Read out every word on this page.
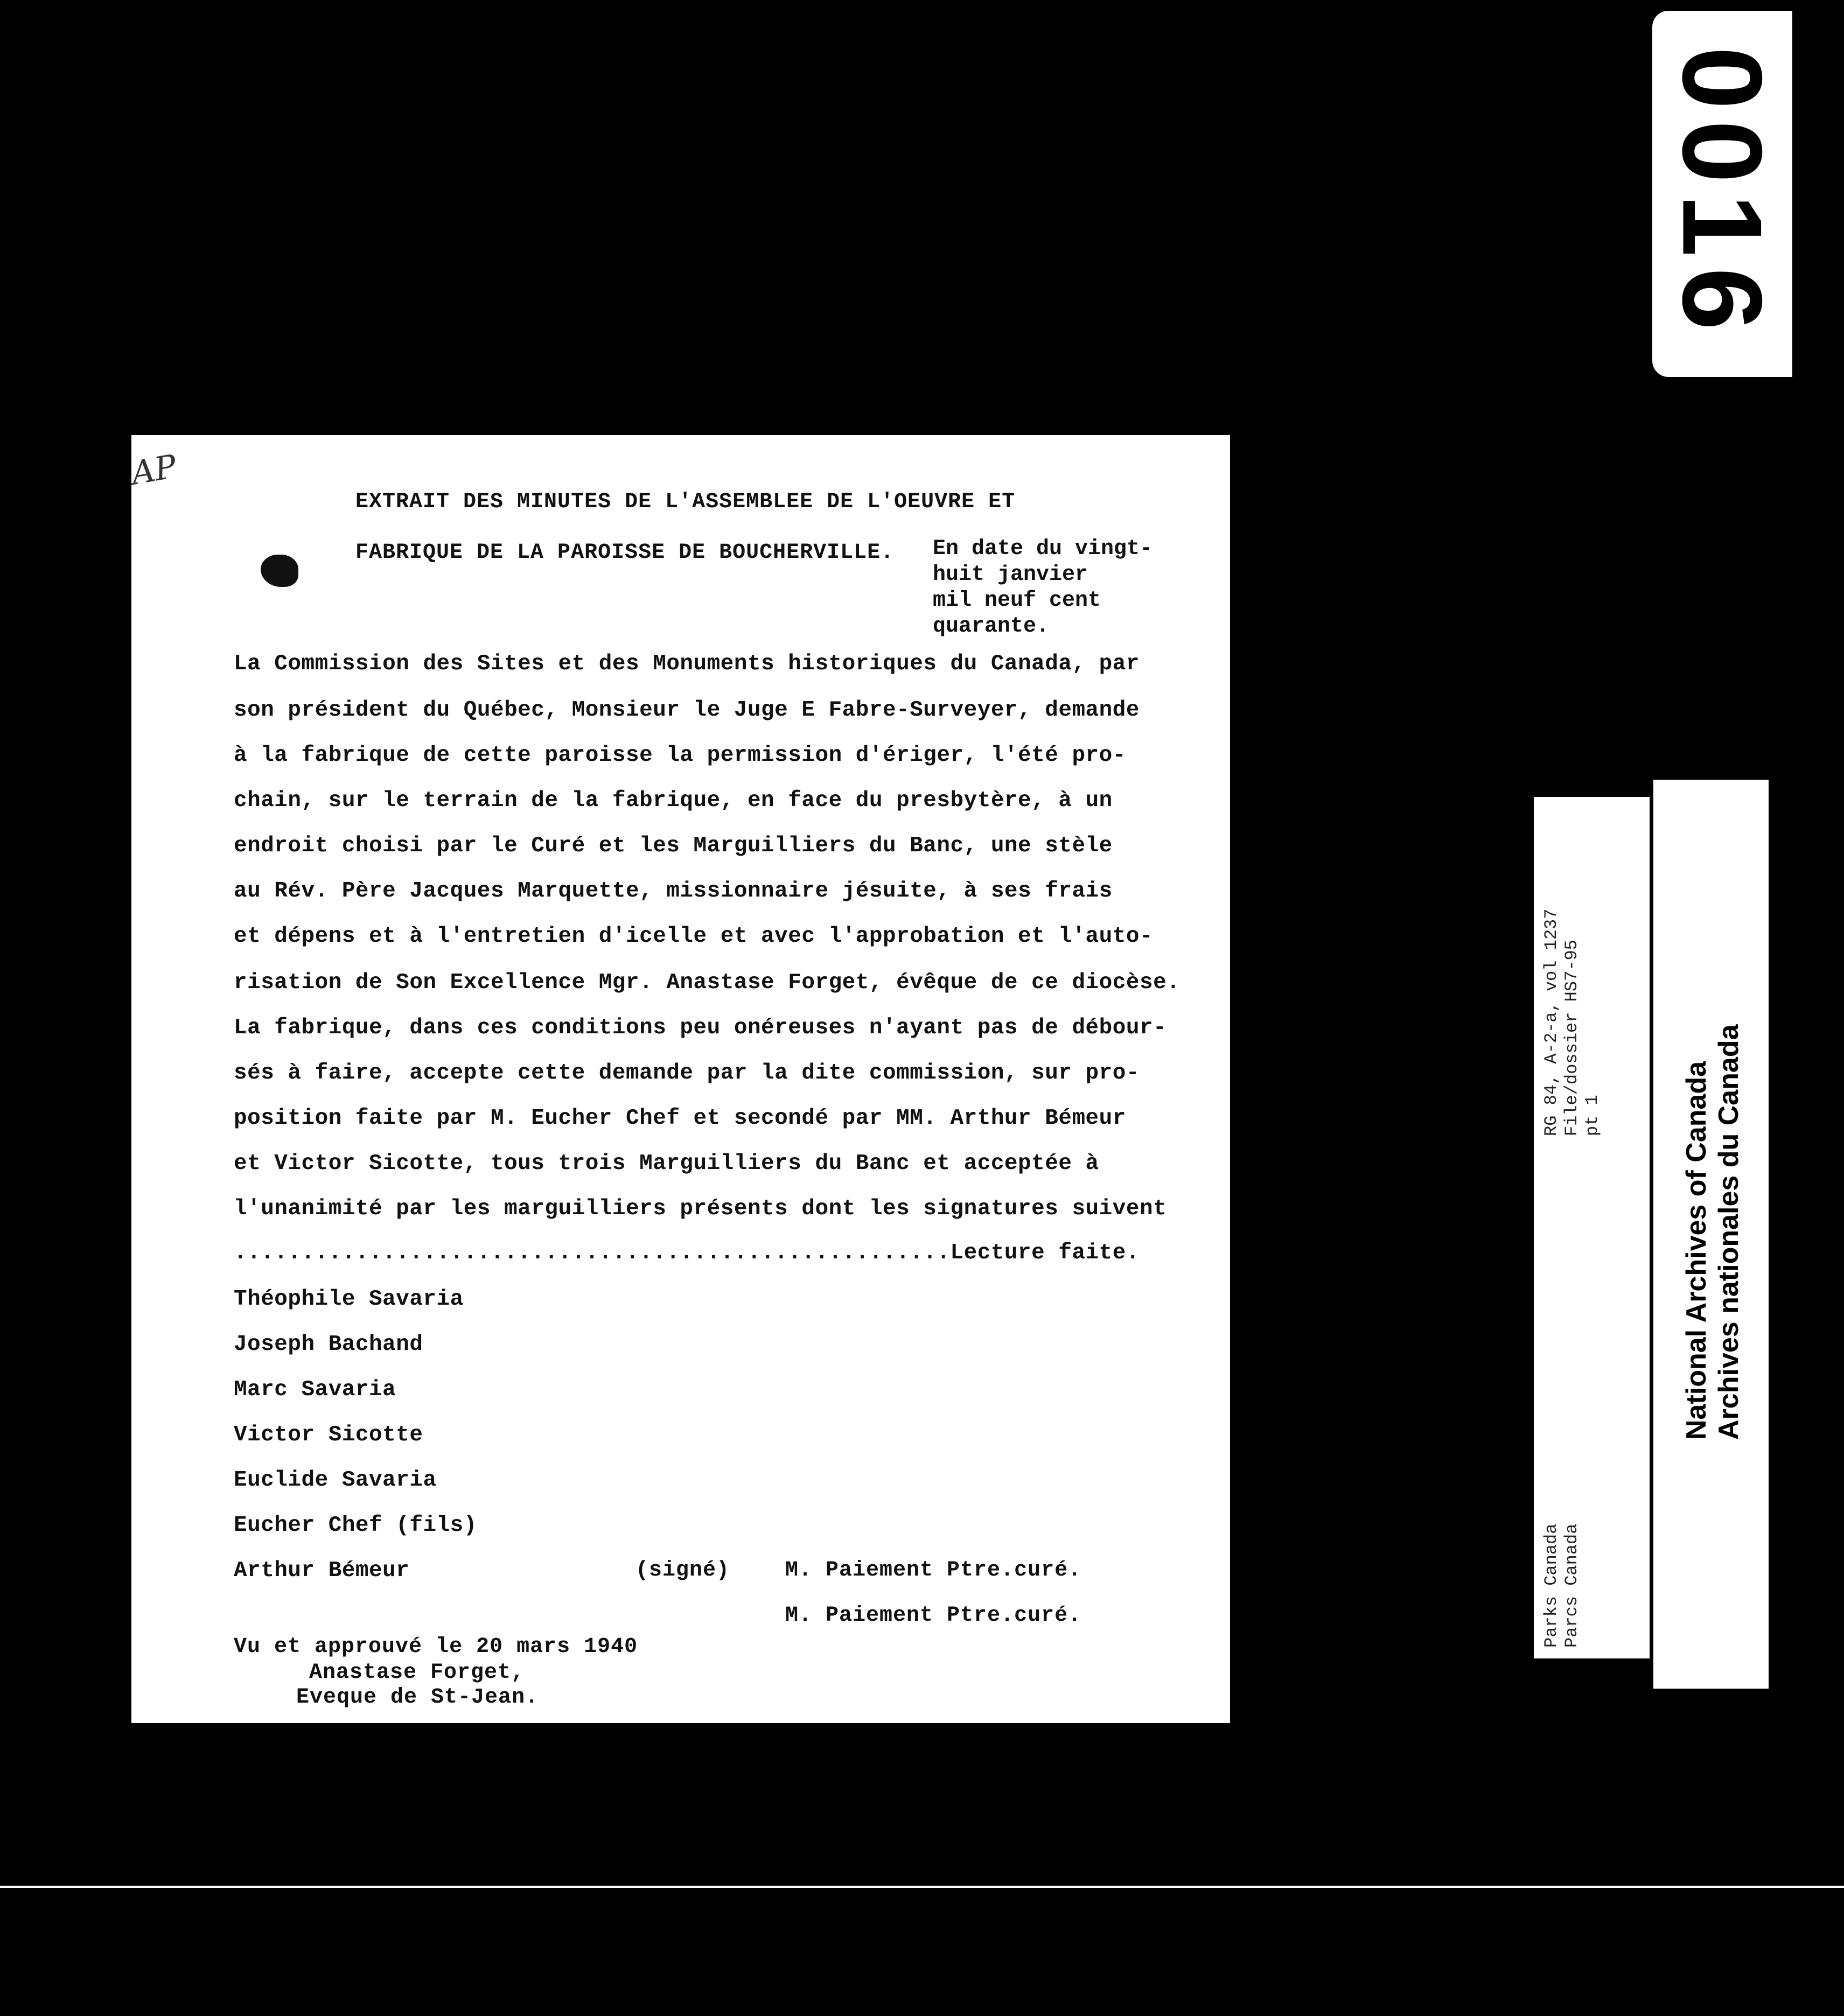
0016
AP
EXTRAIT DES MINUTES DE L'ASSEMBLEE DE L'OEUVRE ET
FABRIQUE DE LA PAROISSE DE BOUCHERVILLE. En date du vingt-
huit janvier
mil neuf cent
quarante.
La Commission des Sites et des Monuments historiques du Canada, par
son président du Québec, Monsieur le Juge E Fabre-Surveyer, demande
à la fabrique de cette paroisse la permission d'ériger, l'été pro-
chain, sur le terrain de la fabrique, en face du presbytère, à un
endroit choisi par le Curé et les Marguilliers du Banc, une stèle
au Rév. Père Jacques Marquette, missionnaire jésuite, à ses frais
et dépens et à l'entretien d'icelle et avec l'approbation et l'auto-
risation de Son Excellence Mgr. Anastase Forget, évêque de ce diocèse.
La fabrique, dans ces conditions peu onéreuses n'ayant pas de débour-
sés à faire, accepte cette demande par la dite commission, sur pro-
position faite par M. Eucher Chef et secondé par MM. Arthur Bémeur
et Victor Sicotte, tous trois Marguilliers du Banc et acceptée à
l'unanimité par les marguilliers présents dont les signatures suivent
.....................................................Lecture faite.
Théophile Savaria
Joseph Bachand
Marc Savaria
Victor Sicotte
Euclide Savaria
Eucher Chef (fils)
Arthur Bémeur	(signé)	M. Paiement Ptre.curé.
M. Paiement Ptre.curé.
Vu et approuvé le 20 mars 1940
Anastase Forget,
Eveque de St-Jean.
RG 84, A-2-a, vol 1237 File/dossier HS7-95 pt 1
Parks Canada Parcs Canada
National Archives of Canada Archives nationales du Canada
